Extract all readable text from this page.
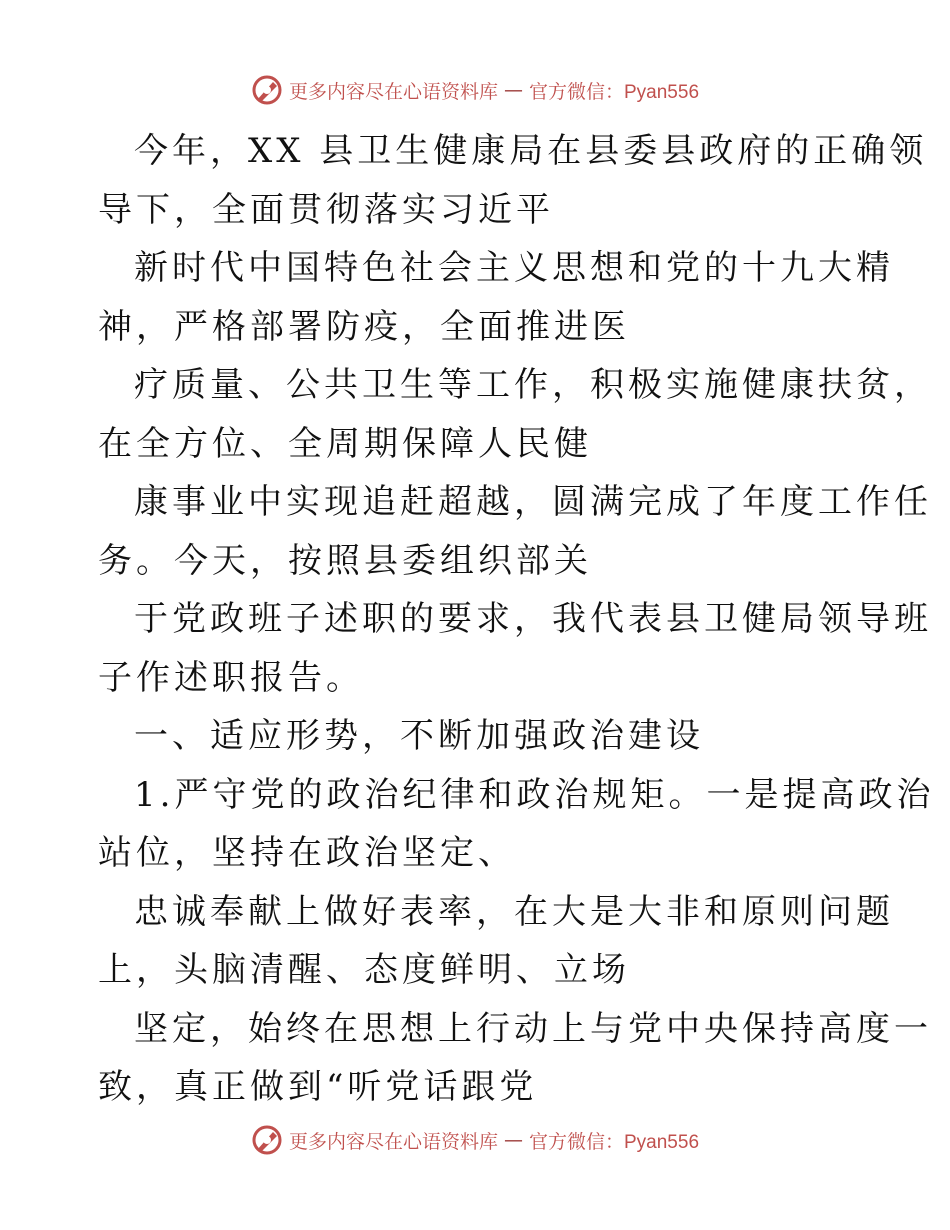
更多内容尽在心语资料库 — 官方微信：Pyan556
今年，XX 县卫生健康局在县委县政府的正确领
导下，全面贯彻落实习近平
新时代中国特色社会主义思想和党的十九大精
神，严格部署防疫，全面推进医
疗质量、公共卫生等工作，积极实施健康扶贫，
在全方位、全周期保障人民健
康事业中实现追赶超越，圆满完成了年度工作任
务。今天，按照县委组织部关
于党政班子述职的要求，我代表县卫健局领导班
子作述职报告。
一、适应形势，不断加强政治建设
1.严守党的政治纪律和政治规矩。一是提高政治
站位，坚持在政治坚定、
忠诚奉献上做好表率，在大是大非和原则问题
上，头脑清醒、态度鲜明、立场
坚定，始终在思想上行动上与党中央保持高度一
致，真正做到“听党话跟党
更多内容尽在心语资料库 — 官方微信：Pyan556
